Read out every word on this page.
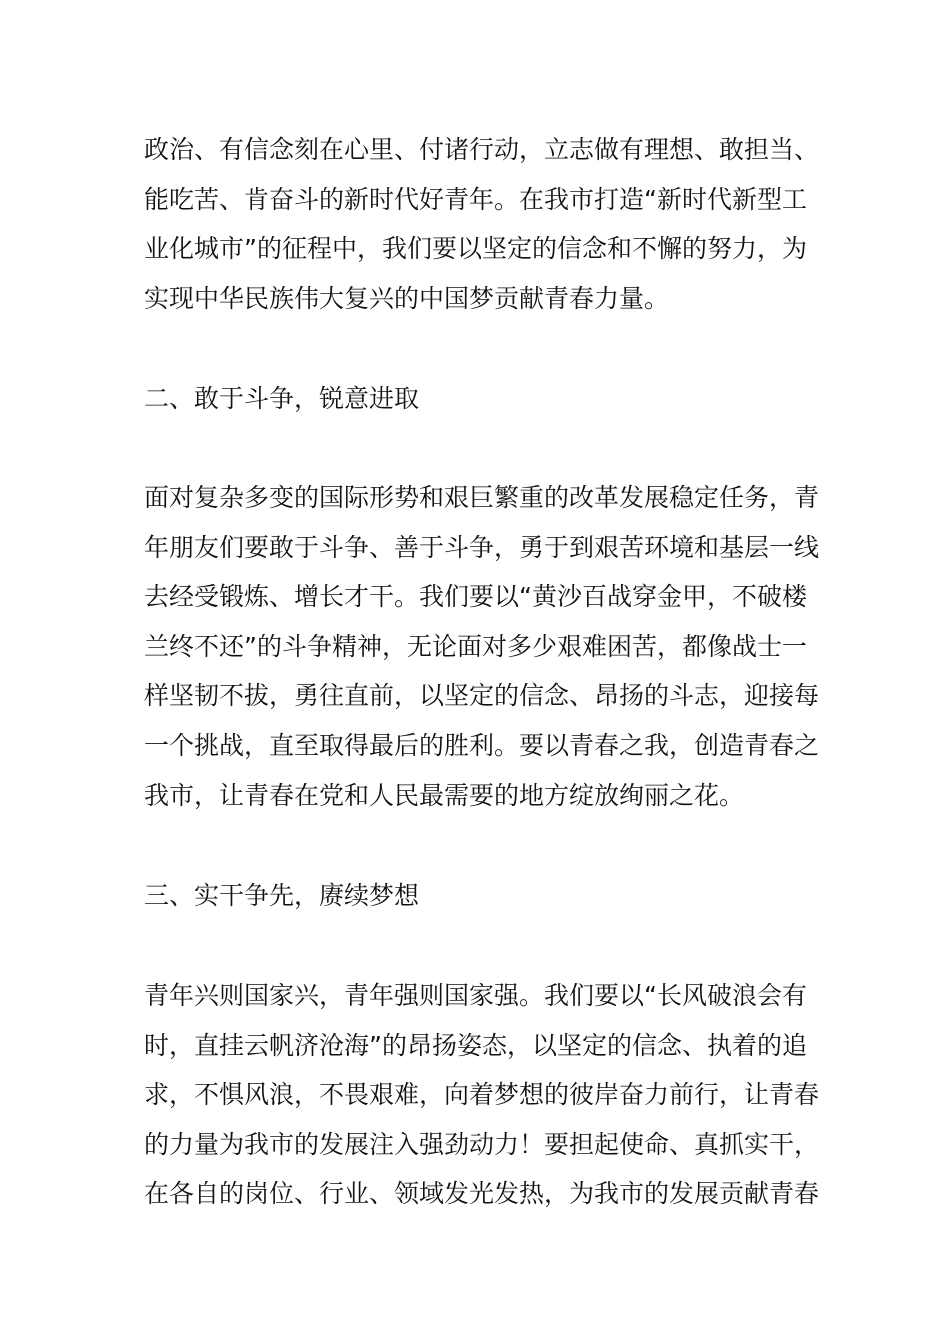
政治、有信念刻在心里、付诸行动，立志做有理想、敢担当、
能吃苦、肯奋斗的新时代好青年。在我市打造“新时代新型工
业化城市”的征程中，我们要以坚定的信念和不懈的努力，为
实现中华民族伟大复兴的中国梦贡献青春力量。

二、敢于斗争，锐意进取

面对复杂多变的国际形势和艰巨繁重的改革发展稳定任务，青
年朋友们要敢于斗争、善于斗争，勇于到艰苦环境和基层一线
去经受锻炼、增长才干。我们要以“黄沙百战穿金甲，不破楼
兰终不还”的斗争精神，无论面对多少艰难困苦，都像战士一
样坚韧不拔，勇往直前，以坚定的信念、昂扬的斗志，迎接每
一个挑战，直至取得最后的胜利。要以青春之我，创造青春之
我市，让青春在党和人民最需要的地方绽放绚丽之花。

三、实干争先，赓续梦想

青年兴则国家兴，青年强则国家强。我们要以“长风破浪会有
时，直挂云帆济沧海”的昂扬姿态，以坚定的信念、执着的追
求，不惧风浪，不畏艰难，向着梦想的彼岸奋力前行，让青春
的力量为我市的发展注入强劲动力！要担起使命、真抓实干，
在各自的岗位、行业、领域发光发热，为我市的发展贡献青春
